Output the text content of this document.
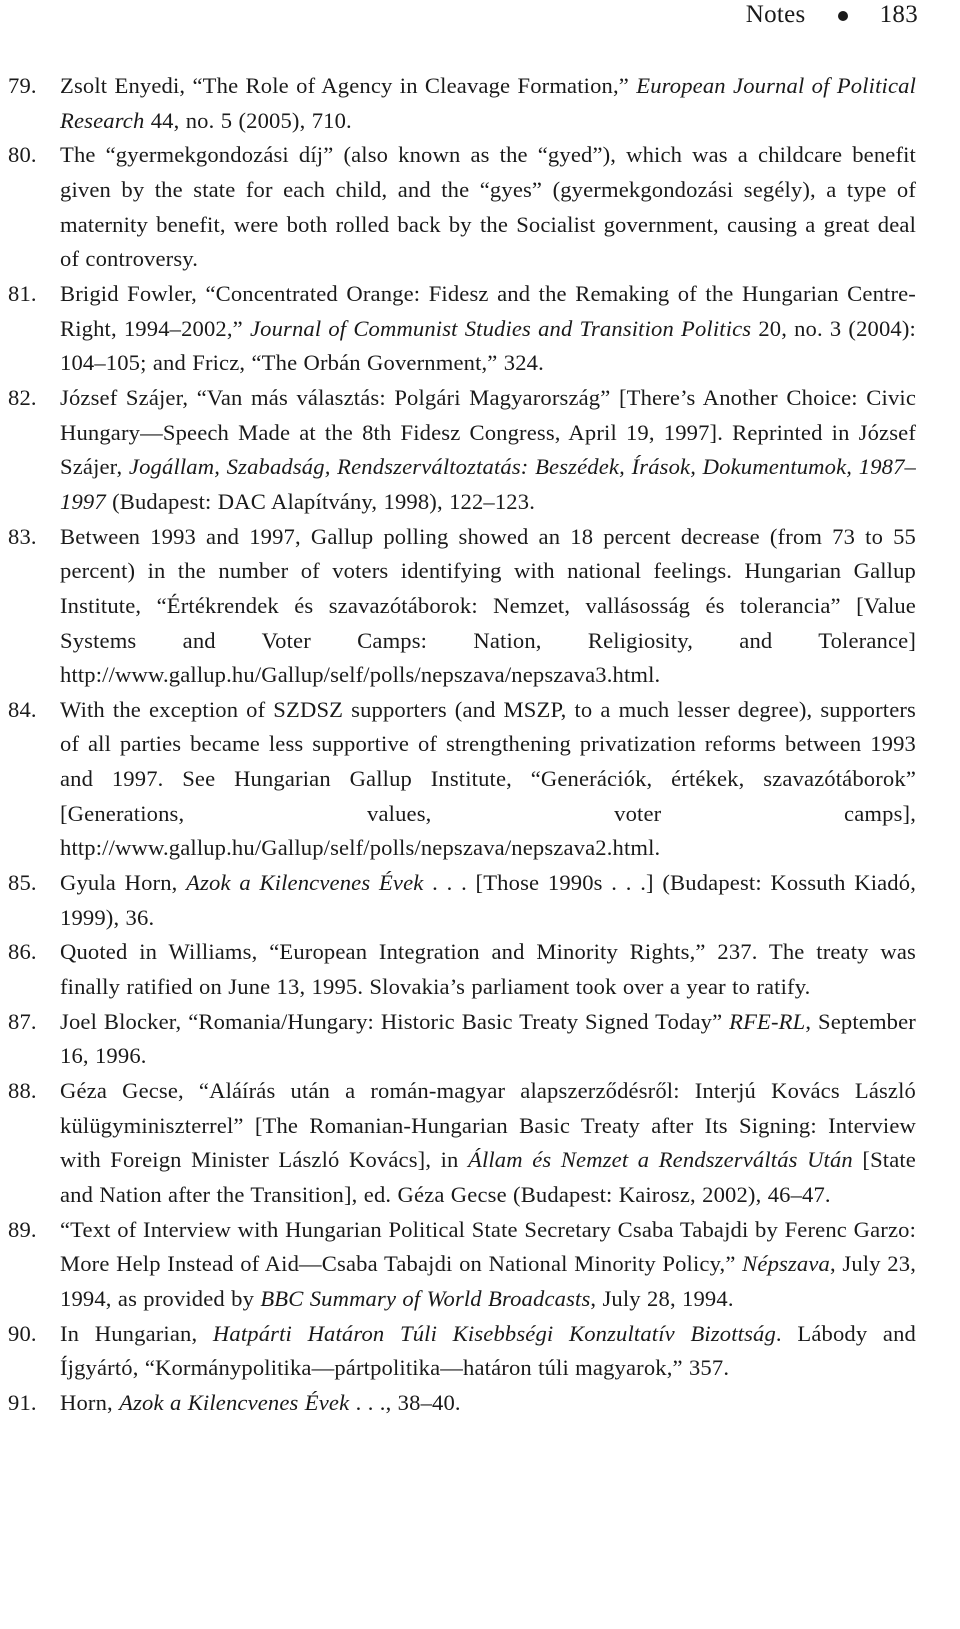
Notes	183
79. Zsolt Enyedi, “The Role of Agency in Cleavage Formation,” European Journal of Political Research 44, no. 5 (2005), 710.
80. The “gyermekgondozási díj” (also known as the “gyed”), which was a childcare benefit given by the state for each child, and the “gyes” (gyermekgondozási segély), a type of maternity benefit, were both rolled back by the Socialist government, causing a great deal of controversy.
81. Brigid Fowler, “Concentrated Orange: Fidesz and the Remaking of the Hungarian Centre-Right, 1994–2002,” Journal of Communist Studies and Transition Politics 20, no. 3 (2004): 104–105; and Fricz, “The Orbán Government,” 324.
82. József Szájer, “Van más választás: Polgári Magyarország” [There’s Another Choice: Civic Hungary—Speech Made at the 8th Fidesz Congress, April 19, 1997]. Reprinted in József Szájer, Jogállam, Szabadság, Rendszerváltoztatás: Beszédek, Írások, Dokumentumok, 1987–1997 (Budapest: DAC Alapítvány, 1998), 122–123.
83. Between 1993 and 1997, Gallup polling showed an 18 percent decrease (from 73 to 55 percent) in the number of voters identifying with national feelings. Hungarian Gallup Institute, “Értékrendek és szavazótáborok: Nemzet, vallásosság és tolerancia” [Value Systems and Voter Camps: Nation, Religiosity, and Tolerance] http://www.gallup.hu/Gallup/self/polls/nepszava/nepszava3.html.
84. With the exception of SZDSZ supporters (and MSZP, to a much lesser degree), supporters of all parties became less supportive of strengthening privatization reforms between 1993 and 1997. See Hungarian Gallup Institute, “Generációk, értékek, szavazótáborok” [Generations, values, voter camps], http://www.gallup.hu/Gallup/self/polls/nepszava/nepszava2.html.
85. Gyula Horn, Azok a Kilencvenes Évek . . . [Those 1990s . . .] (Budapest: Kossuth Kiadó, 1999), 36.
86. Quoted in Williams, “European Integration and Minority Rights,” 237. The treaty was finally ratified on June 13, 1995. Slovakia’s parliament took over a year to ratify.
87. Joel Blocker, “Romania/Hungary: Historic Basic Treaty Signed Today” RFE-RL, September 16, 1996.
88. Géza Gecse, “Aláírás után a román-magyar alapszerződésről: Interjú Kovács László külügyminiszterrel” [The Romanian-Hungarian Basic Treaty after Its Signing: Interview with Foreign Minister László Kovács], in Állam és Nemzet a Rendszerváltás Után [State and Nation after the Transition], ed. Géza Gecse (Budapest: Kairosz, 2002), 46–47.
89. “Text of Interview with Hungarian Political State Secretary Csaba Tabajdi by Ferenc Garzo: More Help Instead of Aid—Csaba Tabajdi on National Minority Policy,” Népszava, July 23, 1994, as provided by BBC Summary of World Broadcasts, July 28, 1994.
90. In Hungarian, Hatpárti Határon Túli Kisebbségi Konzultatív Bizottság. Lábody and Íjgyártó, “Kormánypolitika—pártpolitika—határon túli magyarok,” 357.
91. Horn, Azok a Kilencvenes Évek . . ., 38–40.
